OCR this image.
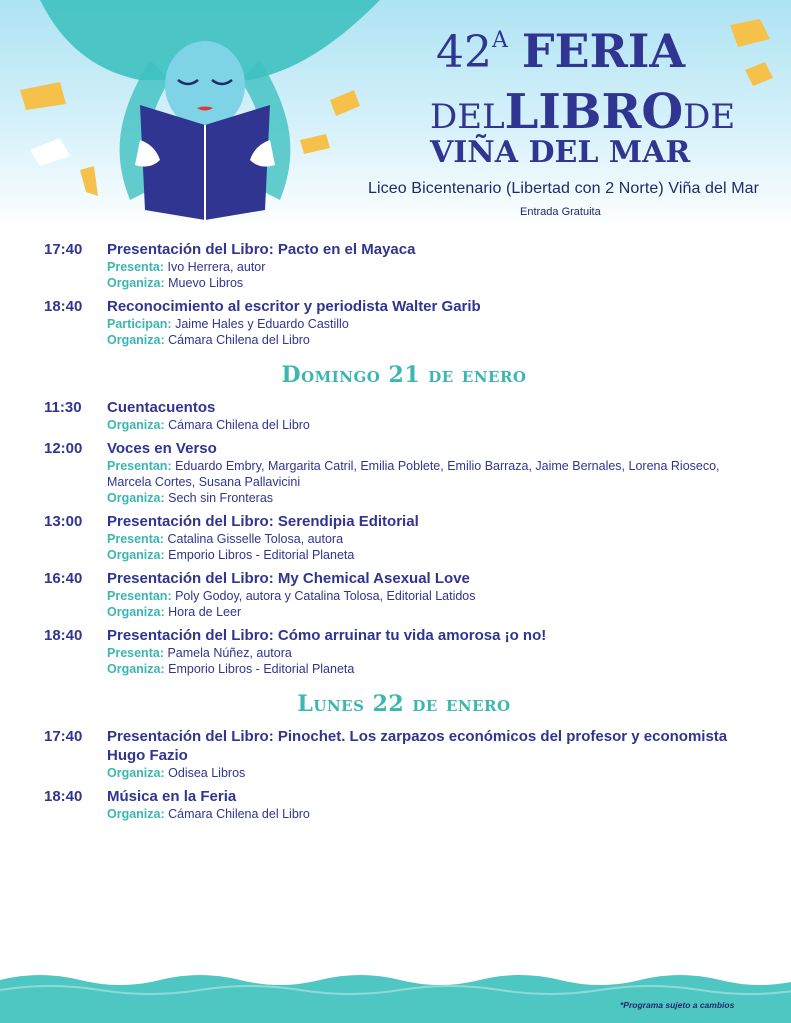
$42^A$ FERIA
DELLIBRODE
VIÑA DEL MAR
Liceo Bicentenario (Libertad con 2 Norte) Viña del Mar
Entrada Gratuita
17:40	Presentación del Libro: Pacto en el Mayaca
Presenta: Ivo Herrera, autor
Organiza: Muevo Libros
18:40	Reconocimiento al escritor y periodista Walter Garib
Participan: Jaime Hales y Eduardo Castillo
Organiza: Cámara Chilena del Libro
Domingo 21 de enero
11:30	Cuentacuentos
Organiza: Cámara Chilena del Libro
12:00	Voces en Verso
Presentan: Eduardo Embry, Margarita Catril, Emilia Poblete, Emilio Barraza, Jaime Bernales, Lorena Rioseco, Marcela Cortes, Susana Pallavicini
Organiza: Sech sin Fronteras
13:00	Presentación del Libro: Serendipia Editorial
Presenta: Catalina Gisselle Tolosa, autora
Organiza: Emporio Libros - Editorial Planeta
16:40	Presentación del Libro: My Chemical Asexual Love
Presentan: Poly Godoy, autora y Catalina Tolosa, Editorial Latidos
Organiza: Hora de Leer
18:40	Presentación del Libro: Cómo arruinar tu vida amorosa ¡o no!
Presenta: Pamela Núñez, autora
Organiza: Emporio Libros - Editorial Planeta
Lunes 22 de enero
17:40	Presentación del Libro: Pinochet. Los zarpazos económicos del profesor y economista Hugo Fazio
Organiza: Odisea Libros
18:40	Música en la Feria
Organiza: Cámara Chilena del Libro
*Programa sujeto a cambios
